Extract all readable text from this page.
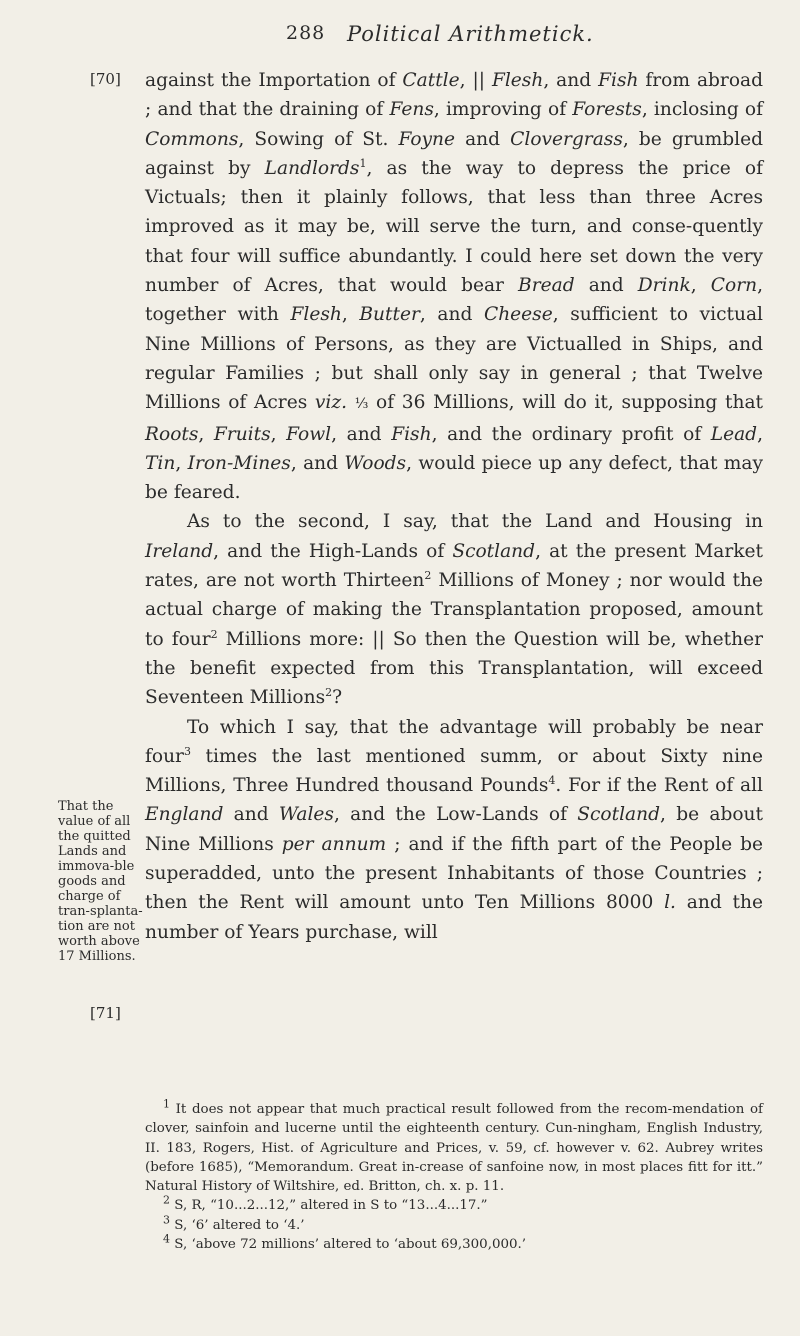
288 Political Arithmetick.
[70]
[71]
That the value of all the quitted Lands and immova-ble goods and charge of tran-splanta-tion are not worth above 17 Millions.

against the Importation of Cattle, || Flesh, and Fish from abroad ; and that the draining of Fens, improving of Forests, inclosing of Commons, Sowing of St. Foyne and Clovergrass, be grumbled against by Landlords$^1$, as the way to depress the price of Victuals; then it plainly follows, that less than three Acres improved as it may be, will serve the turn, and conse-quently that four will suffice abundantly. I could here set down the very number of Acres, that would bear Bread and Drink, Corn, together with Flesh, Butter, and Cheese, sufficient to victual Nine Millions of Persons, as they are Victualled in Ships, and regular Families ; but shall only say in general ; that Twelve Millions of Acres viz. ⅓ of 36 Millions, will do it, supposing that Roots, Fruits, Fowl, and Fish, and the ordinary profit of Lead, Tin, Iron-Mines, and Woods, would piece up any defect, that may be feared.

As to the second, I say, that the Land and Housing in Ireland, and the High-Lands of Scotland, at the present Market rates, are not worth Thirteen$^2$ Millions of Money ; nor would the actual charge of making the Transplantation proposed, amount to four$^2$ Millions more: || So then the Question will be, whether the benefit expected from this Transplantation, will exceed Seventeen Millions$^2$?

To which I say, that the advantage will probably be near four$^3$ times the last mentioned summ, or about Sixty nine Millions, Three Hundred thousand Pounds$^4$. For if the Rent of all England and Wales, and the Low-Lands of Scotland, be about Nine Millions per annum ; and if the fifth part of the People be superadded, unto the present Inhabitants of those Countries ; then the Rent will amount unto Ten Millions 8000 l. and the number of Years purchase, will

$^1$ It does not appear that much practical result followed from the recom-mendation of clover, sainfoin and lucerne until the eighteenth century. Cun-ningham, English Industry, II. 183, Rogers, Hist. of Agriculture and Prices, v. 59, cf. however v. 62. Aubrey writes (before 1685), “Memorandum. Great in-crease of sanfoine now, in most places fitt for itt.” Natural History of Wiltshire, ed. Britton, ch. x. p. 11.

$^2$ S, R, “10...2...12,” altered in S to “13...4...17.”

$^3$ S, ‘6’ altered to ‘4.’

$^4$ S, ‘above 72 millions’ altered to ‘about 69,300,000.’
